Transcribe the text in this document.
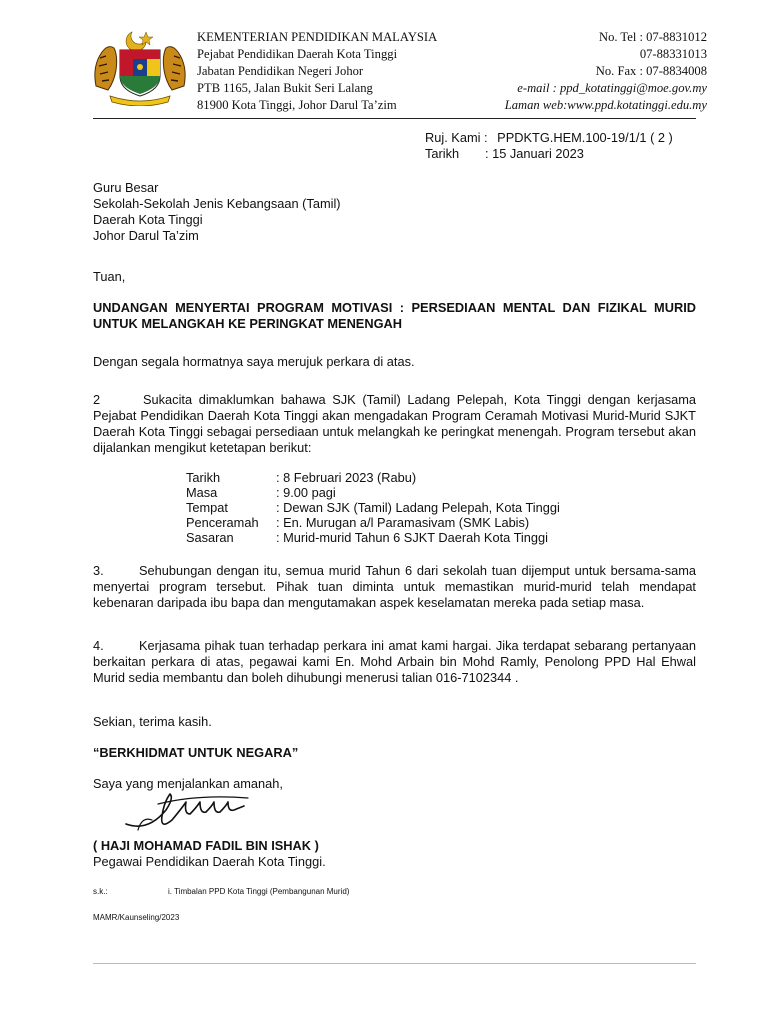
KEMENTERIAN PENDIDIKAN MALAYSIA
Pejabat Pendidikan Daerah Kota Tinggi
Jabatan Pendidikan Negeri Johor
PTB 1165, Jalan Bukit Seri Lalang
81900 Kota Tinggi, Johor Darul Ta’zim
No. Tel : 07-8831012
07-88331013
No. Fax : 07-8834008
e-mail : ppd_kotatinggi@moe.gov.my
Laman web:www.ppd.kotatinggi.edu.my
Ruj. Kami : PPDKTG.HEM.100-19/1/1 ( 2 )
Tarikh : 15 Januari 2023
Guru Besar
Sekolah-Sekolah Jenis Kebangsaan (Tamil)
Daerah Kota Tinggi
Johor Darul Ta’zim
Tuan,
UNDANGAN MENYERTAI PROGRAM MOTIVASI : PERSEDIAAN MENTAL DAN FIZIKAL MURID UNTUK MELANGKAH KE PERINGKAT MENENGAH
Dengan segala hormatnya saya merujuk perkara di atas.
2	Sukacita dimaklumkan bahawa SJK (Tamil) Ladang Pelepah, Kota Tinggi dengan kerjasama Pejabat Pendidikan Daerah Kota Tinggi akan mengadakan Program Ceramah Motivasi Murid-Murid SJKT Daerah Kota Tinggi sebagai persediaan untuk melangkah ke peringkat menengah. Program tersebut akan dijalankan mengikut ketetapan berikut:
Tarikh	: 8 Februari 2023 (Rabu)
Masa	: 9.00 pagi
Tempat	: Dewan SJK (Tamil) Ladang Pelepah, Kota Tinggi
Penceramah : En. Murugan a/l Paramasivam (SMK Labis)
Sasaran	: Murid-murid Tahun 6 SJKT Daerah Kota Tinggi
3.	Sehubungan dengan itu, semua murid Tahun 6 dari sekolah tuan dijemput untuk bersama-sama menyertai program tersebut. Pihak tuan diminta untuk memastikan murid-murid telah mendapat kebenaran daripada ibu bapa dan mengutamakan aspek keselamatan mereka pada setiap masa.
4.	Kerjasama pihak tuan terhadap perkara ini amat kami hargai. Jika terdapat sebarang pertanyaan berkaitan perkara di atas, pegawai kami En. Mohd Arbain bin Mohd Ramly, Penolong PPD Hal Ehwal Murid sedia membantu dan boleh dihubungi menerusi talian 016-7102344 .
Sekian, terima kasih.
“BERKHIDMAT UNTUK NEGARA”
Saya yang menjalankan amanah,
( HAJI MOHAMAD FADIL BIN ISHAK )
Pegawai Pendidikan Daerah Kota Tinggi.
s.k.:	i. Timbalan PPD Kota Tinggi (Pembangunan Murid)
MAMR/Kaunseling/2023
